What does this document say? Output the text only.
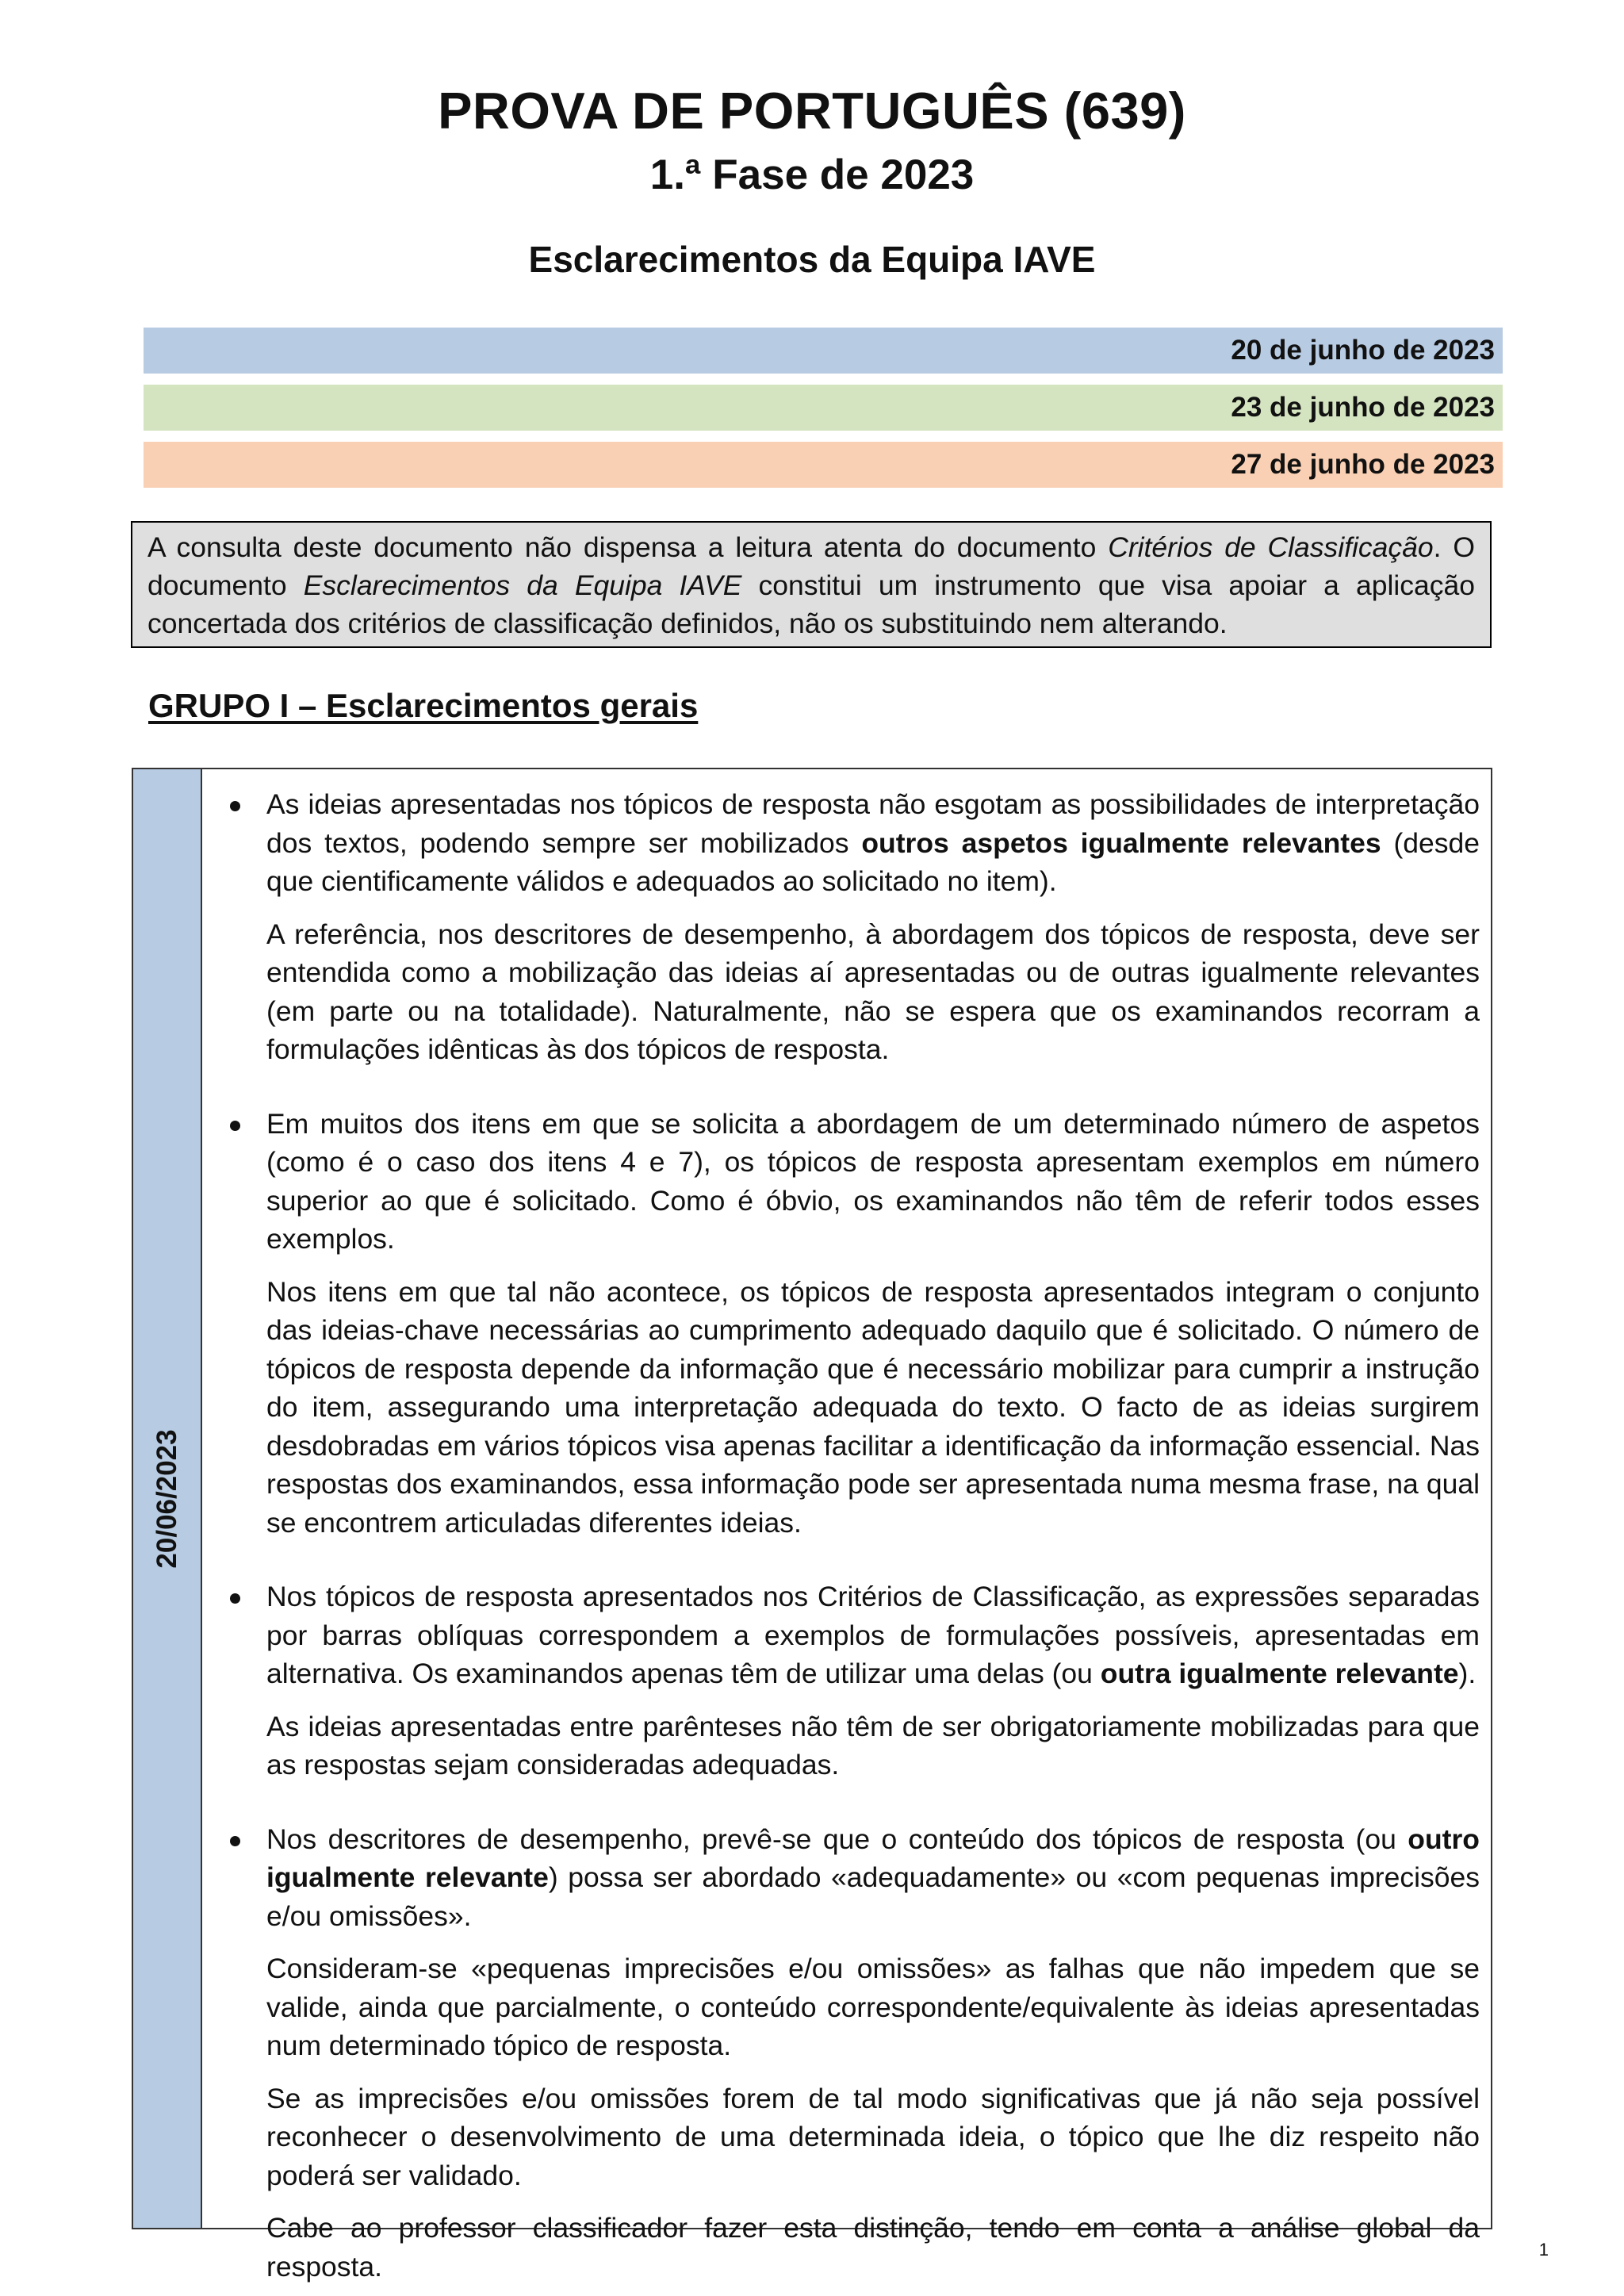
PROVA DE PORTUGUÊS (639)
1.ª Fase de 2023
Esclarecimentos da Equipa IAVE
20 de junho de 2023
23 de junho de 2023
27 de junho de 2023

A consulta deste documento não dispensa a leitura atenta do documento Critérios de Classificação. O documento Esclarecimentos da Equipa IAVE constitui um instrumento que visa apoiar a aplicação concertada dos critérios de classificação definidos, não os substituindo nem alterando.

GRUPO I – Esclarecimentos gerais
20/06/2023

As ideias apresentadas nos tópicos de resposta não esgotam as possibilidades de interpretação dos textos, podendo sempre ser mobilizados outros aspetos igualmente relevantes (desde que cientificamente válidos e adequados ao solicitado no item).

A referência, nos descritores de desempenho, à abordagem dos tópicos de resposta, deve ser entendida como a mobilização das ideias aí apresentadas ou de outras igualmente relevantes (em parte ou na totalidade). Naturalmente, não se espera que os examinandos recorram a formulações idênticas às dos tópicos de resposta.

Em muitos dos itens em que se solicita a abordagem de um determinado número de aspetos (como é o caso dos itens 4 e 7), os tópicos de resposta apresentam exemplos em número superior ao que é solicitado. Como é óbvio, os examinandos não têm de referir todos esses exemplos.

Nos itens em que tal não acontece, os tópicos de resposta apresentados integram o conjunto das ideias-chave necessárias ao cumprimento adequado daquilo que é solicitado. O número de tópicos de resposta depende da informação que é necessário mobilizar para cumprir a instrução do item, assegurando uma interpretação adequada do texto. O facto de as ideias surgirem desdobradas em vários tópicos visa apenas facilitar a identificação da informação essencial. Nas respostas dos examinandos, essa informação pode ser apresentada numa mesma frase, na qual se encontrem articuladas diferentes ideias.

Nos tópicos de resposta apresentados nos Critérios de Classificação, as expressões separadas por barras oblíquas correspondem a exemplos de formulações possíveis, apresentadas em alternativa. Os examinandos apenas têm de utilizar uma delas (ou outra igualmente relevante).

As ideias apresentadas entre parênteses não têm de ser obrigatoriamente mobilizadas para que as respostas sejam consideradas adequadas.

Nos descritores de desempenho, prevê-se que o conteúdo dos tópicos de resposta (ou outro igualmente relevante) possa ser abordado «adequadamente» ou «com pequenas imprecisões e/ou omissões».

Consideram-se «pequenas imprecisões e/ou omissões» as falhas que não impedem que se valide, ainda que parcialmente, o conteúdo correspondente/equivalente às ideias apresentadas num determinado tópico de resposta.

Se as imprecisões e/ou omissões forem de tal modo significativas que já não seja possível reconhecer o desenvolvimento de uma determinada ideia, o tópico que lhe diz respeito não poderá ser validado.

Cabe ao professor classificador fazer esta distinção, tendo em conta a análise global da resposta.

1
